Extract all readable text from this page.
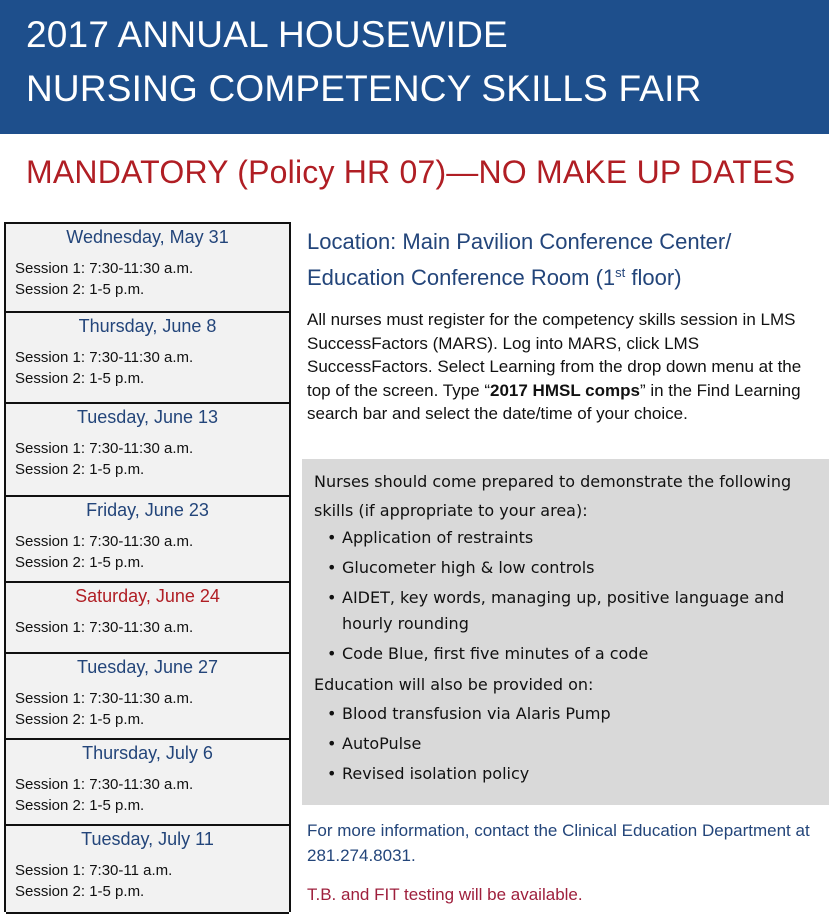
2017 ANNUAL HOUSEWIDE
NURSING COMPETENCY SKILLS FAIR
MANDATORY (Policy HR 07)—NO MAKE UP DATES
Wednesday, May 31
Session 1: 7:30-11:30 a.m.
Session 2: 1-5 p.m.
Thursday, June 8
Session 1: 7:30-11:30 a.m.
Session 2: 1-5 p.m.
Tuesday, June 13
Session 1: 7:30-11:30 a.m.
Session 2: 1-5 p.m.
Friday, June 23
Session 1: 7:30-11:30 a.m.
Session 2: 1-5 p.m.
Saturday, June 24
Session 1: 7:30-11:30 a.m.
Tuesday, June 27
Session 1: 7:30-11:30 a.m.
Session 2: 1-5 p.m.
Thursday, July 6
Session 1: 7:30-11:30 a.m.
Session 2: 1-5 p.m.
Tuesday, July 11
Session 1: 7:30-11 a.m.
Session 2: 1-5 p.m.
Location: Main Pavilion Conference Center/
Education Conference Room (1st floor)

All nurses must register for the competency skills session in LMS SuccessFactors (MARS). Log into MARS, click LMS SuccessFactors. Select Learning from the drop down menu at the top of the screen. Type “2017 HMSL comps” in the Find Learning search bar and select the date/time of your choice.

Nurses should come prepared to demonstrate the following skills (if appropriate to your area):

• Application of restraints
• Glucometer high & low controls
• AIDET, key words, managing up, positive language and hourly rounding
• Code Blue, first five minutes of a code

Education will also be provided on:

• Blood transfusion via Alaris Pump
• AutoPulse
• Revised isolation policy

For more information, contact the Clinical Education Department at 281.274.8031.

T.B. and FIT testing will be available.
